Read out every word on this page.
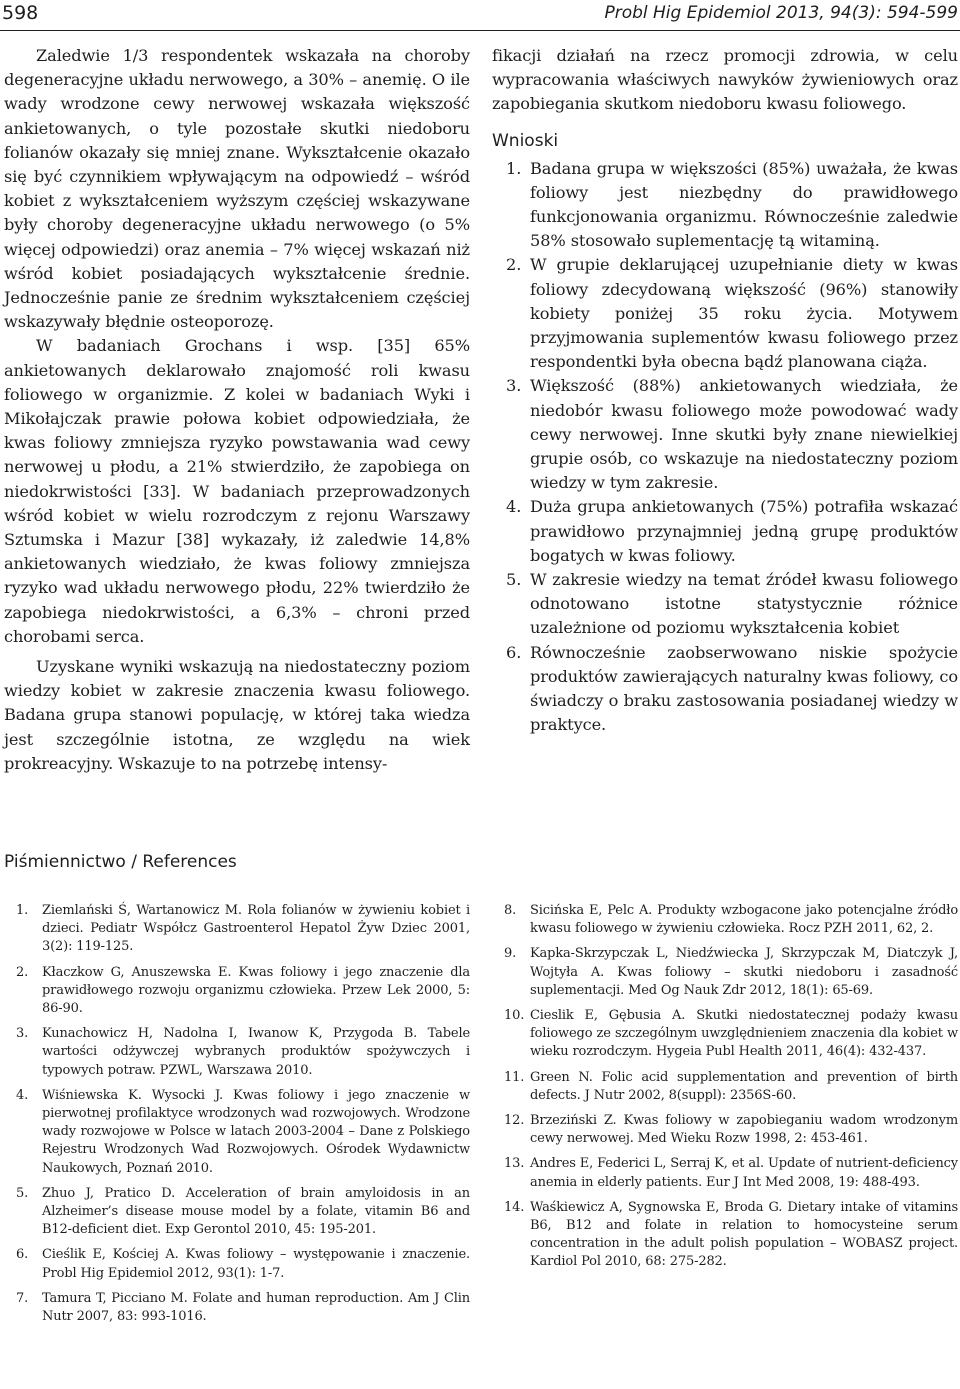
598	Probl Hig Epidemiol 2013, 94(3): 594-599

Zaledwie 1/3 respondentek wskazała na choroby degeneracyjne układu nerwowego, a 30% – anemię. O ile wady wrodzone cewy nerwowej wskazała większość ankietowanych, o tyle pozostałe skutki niedoboru folianów okazały się mniej znane. Wykształcenie okazało się być czynnikiem wpływającym na odpowiedź – wśród kobiet z wykształceniem wyższym częściej wskazywane były choroby degeneracyjne układu nerwowego (o 5% więcej odpowiedzi) oraz anemia – 7% więcej wskazań niż wśród kobiet posiadających wykształcenie średnie. Jednocześnie panie ze średnim wykształceniem częściej wskazywały błędnie osteoporozę.

W badaniach Grochans i wsp. [35] 65% ankietowanych deklarowało znajomość roli kwasu foliowego w organizmie. Z kolei w badaniach Wyki i Mikołajczak prawie połowa kobiet odpowiedziała, że kwas foliowy zmniejsza ryzyko powstawania wad cewy nerwowej u płodu, a 21% stwierdziło, że zapobiega on niedokrwistości [33]. W badaniach przeprowadzonych wśród kobiet w wielu rozrodczym z rejonu Warszawy Sztumska i Mazur [38] wykazały, iż zaledwie 14,8% ankietowanych wiedziało, że kwas foliowy zmniejsza ryzyko wad układu nerwowego płodu, 22% twierdziło że zapobiega niedokrwistości, a 6,3% – chroni przed chorobami serca.

Uzyskane wyniki wskazują na niedostateczny poziom wiedzy kobiet w zakresie znaczenia kwasu foliowego. Badana grupa stanowi populację, w której taka wiedza jest szczególnie istotna, ze względu na wiek prokreacyjny. Wskazuje to na potrzebę intensy-

fikacji działań na rzecz promocji zdrowia, w celu wypracowania właściwych nawyków żywieniowych oraz zapobiegania skutkom niedoboru kwasu foliowego.

Wnioski
1. Badana grupa w większości (85%) uważała, że kwas foliowy jest niezbędny do prawidłowego funkcjonowania organizmu. Równocześnie zaledwie 58% stosowało suplementację tą witaminą.
2. W grupie deklarującej uzupełnianie diety w kwas foliowy zdecydowaną większość (96%) stanowiły kobiety poniżej 35 roku życia. Motywem przyjmowania suplementów kwasu foliowego przez respondentki była obecna bądź planowana ciąża.
3. Większość (88%) ankietowanych wiedziała, że niedobór kwasu foliowego może powodować wady cewy nerwowej. Inne skutki były znane niewielkiej grupie osób, co wskazuje na niedostateczny poziom wiedzy w tym zakresie.
4. Duża grupa ankietowanych (75%) potrafiła wskazać prawidłowo przynajmniej jedną grupę produktów bogatych w kwas foliowy.
5. W zakresie wiedzy na temat źródeł kwasu foliowego odnotowano istotne statystycznie różnice uzależnione od poziomu wykształcenia kobiet
6. Równocześnie zaobserwowano niskie spożycie produktów zawierających naturalny kwas foliowy, co świadczy o braku zastosowania posiadanej wiedzy w praktyce.
Piśmiennictwo / References
1. Ziemlański Ś, Wartanowicz M. Rola folianów w żywieniu kobiet i dzieci. Pediatr Współcz Gastroenterol Hepatol Żyw Dziec 2001, 3(2): 119-125.
2. Kłaczkow G, Anuszewska E. Kwas foliowy i jego znaczenie dla prawidłowego rozwoju organizmu człowieka. Przew Lek 2000, 5: 86-90.
3. Kunachowicz H, Nadolna I, Iwanow K, Przygoda B. Tabele wartości odżywczej wybranych produktów spożywczych i typowych potraw. PZWL, Warszawa 2010.
4. Wiśniewska K. Wysocki J. Kwas foliowy i jego znaczenie w pierwotnej profilaktyce wrodzonych wad rozwojowych. Wrodzone wady rozwojowe w Polsce w latach 2003-2004 – Dane z Polskiego Rejestru Wrodzonych Wad Rozwojowych. Ośrodek Wydawnictw Naukowych, Poznań 2010.
5. Zhuo J, Pratico D. Acceleration of brain amyloidosis in an Alzheimer’s disease mouse model by a folate, vitamin B6 and B12-deficient diet. Exp Gerontol 2010, 45: 195-201.
6. Cieślik E, Kościej A. Kwas foliowy – występowanie i znaczenie. Probl Hig Epidemiol 2012, 93(1): 1-7.
7. Tamura T, Picciano M. Folate and human reproduction. Am J Clin Nutr 2007, 83: 993-1016.
8. Sicińska E, Pelc A. Produkty wzbogacone jako potencjalne źródło kwasu foliowego w żywieniu człowieka. Rocz PZH 2011, 62, 2.
9. Kapka-Skrzypczak L, Niedźwiecka J, Skrzypczak M, Diatczyk J, Wojtyła A. Kwas foliowy – skutki niedoboru i zasadność suplementacji. Med Og Nauk Zdr 2012, 18(1): 65-69.
10. Cieslik E, Gębusia A. Skutki niedostatecznej podaży kwasu foliowego ze szczególnym uwzględnieniem znaczenia dla kobiet w wieku rozrodczym. Hygeia Publ Health 2011, 46(4): 432-437.
11. Green N. Folic acid supplementation and prevention of birth defects. J Nutr 2002, 8(suppl): 2356S-60.
12. Brzeziński Z. Kwas foliowy w zapobieganiu wadom wrodzonym cewy nerwowej. Med Wieku Rozw 1998, 2: 453-461.
13. Andres E, Federici L, Serraj K, et al. Update of nutrient-deficiency anemia in elderly patients. Eur J Int Med 2008, 19: 488-493.
14. Waśkiewicz A, Sygnowska E, Broda G. Dietary intake of vitamins B6, B12 and folate in relation to homocysteine serum concentration in the adult polish population – WOBASZ project. Kardiol Pol 2010, 68: 275-282.
